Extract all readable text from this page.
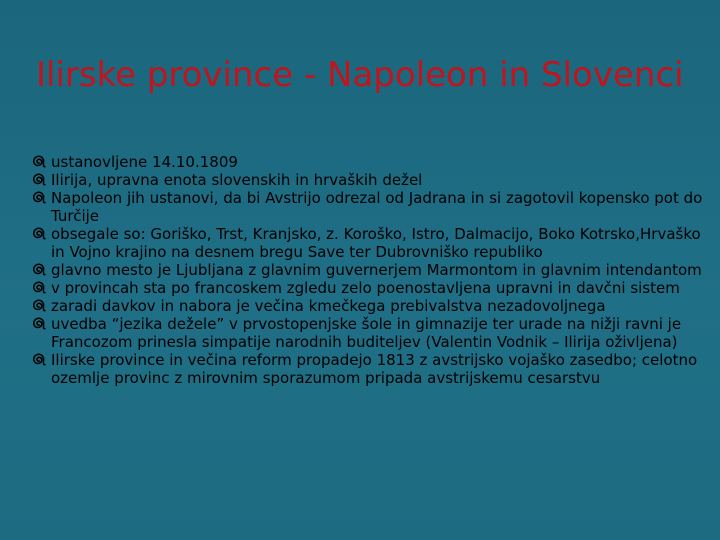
Ilirske province - Napoleon in Slovenci
ustanovljene 14.10.1809
Ilirija, upravna enota slovenskih in hrvaških dežel
Napoleon jih ustanovi, da bi Avstrijo odrezal od Jadrana in si zagotovil kopensko pot do Turčije
obsegale so: Goriško, Trst, Kranjsko, z. Koroško, Istro, Dalmacijo, Boko Kotrsko,Hrvaško in Vojno krajino na desnem bregu Save ter Dubrovniško republiko
glavno mesto je Ljubljana z glavnim guvernerjem Marmontom in glavnim intendantom
v provincah sta po francoskem zgledu zelo poenostavljena upravni in davčni sistem
zaradi davkov in nabora je večina kmečkega prebivalstva nezadovoljnega
uvedba “jezika dežele” v prvostopenjske šole in gimnazije ter urade na nižji ravni je Francozom prinesla simpatije narodnih buditeljev (Valentin Vodnik – Ilirija oživljena)
Ilirske province in večina reform propadejo 1813 z avstrijsko vojaško zasedbo; celotno ozemlje provinc z mirovnim sporazumom pripada avstrijskemu cesarstvu
